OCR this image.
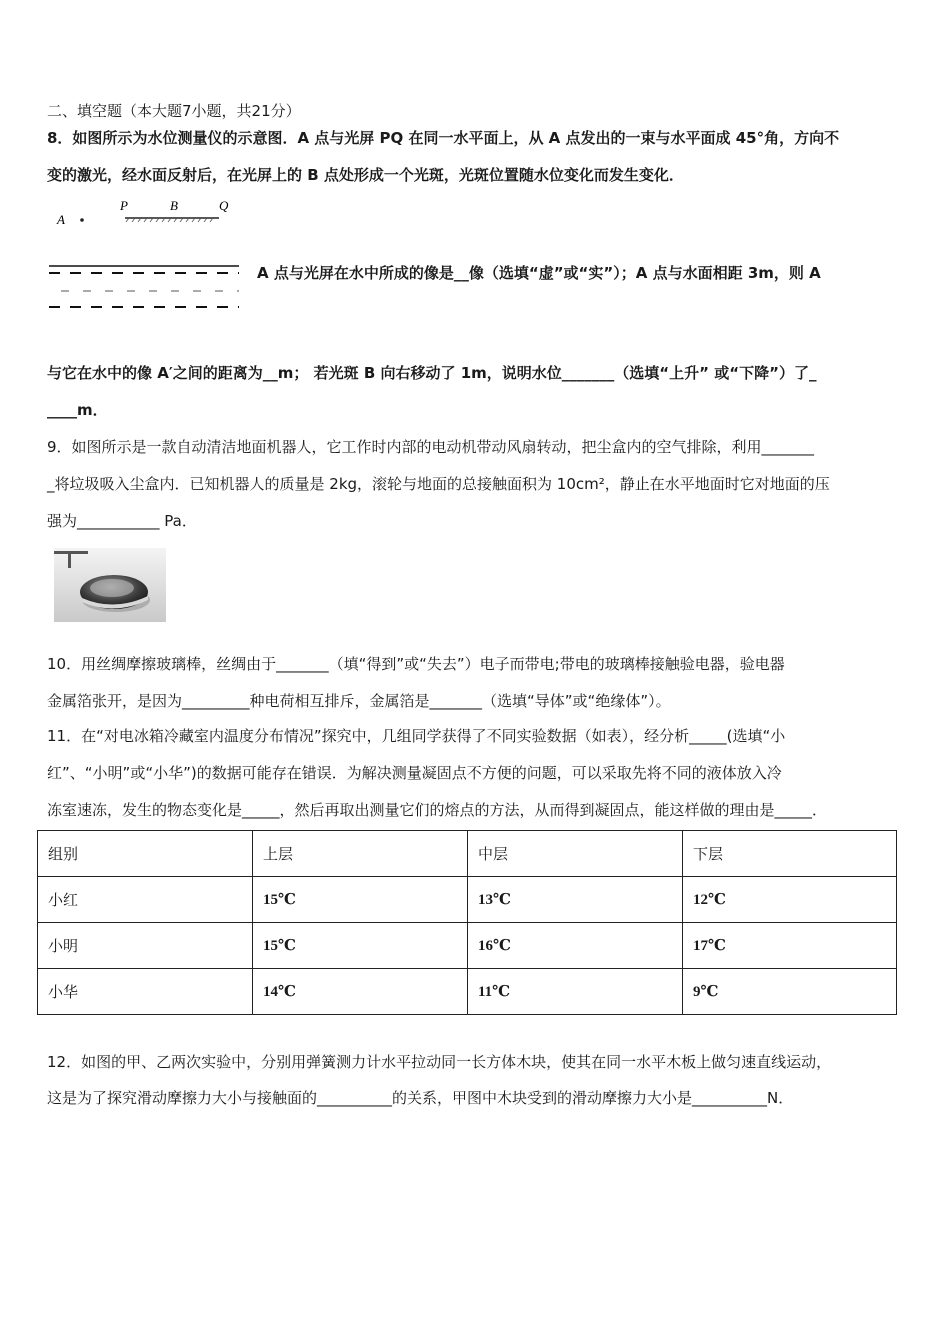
二、填空题（本大题7小题，共21分）
8．如图所示为水位测量仪的示意图．A 点与光屏 PQ 在同一水平面上，从 A 点发出的一束与水平面成 45°角，方向不
变的激光，经水面反射后，在光屏上的 B 点处形成一个光斑，光斑位置随水位变化而发生变化．
A
P	B	Q
A 点与光屏在水中所成的像是__像（选填“虚”或“实”）；A 点与水面相距 3m，则 A
与它在水中的像 A′之间的距离为__m； 若光斑 B 向右移动了 1m，说明水位_______（选填“上升” 或“下降”）了_
____m．
9．如图所示是一款自动清洁地面机器人，它工作时内部的电动机带动风扇转动，把尘盒内的空气排除，利用_______
_将垃圾吸入尘盒内．已知机器人的质量是 2kg，滚轮与地面的总接触面积为 10cm²，静止在水平地面时它对地面的压
强为___________ Pa．
10．用丝绸摩擦玻璃棒，丝绸由于_______（填“得到”或“失去”）电子而带电;带电的玻璃棒接触验电器，验电器
金属箔张开，是因为_________种电荷相互排斥，金属箔是_______（选填“导体”或“绝缘体”）。
11．在“对电冰箱冷藏室内温度分布情况”探究中，几组同学获得了不同实验数据（如表），经分析_____(选填“小
红”、“小明”或“小华”)的数据可能存在错误．为解决测量凝固点不方便的问题，可以采取先将不同的液体放入冷
冻室速冻，发生的物态变化是_____，然后再取出测量它们的熔点的方法，从而得到凝固点，能这样做的理由是_____．
组别	上层	中层	下层
小红	15℃	13℃	12℃
小明	15℃	16℃	17℃
小华	14℃	11℃	9℃
12．如图的甲、乙两次实验中，分别用弹簧测力计水平拉动同一长方体木块，使其在同一水平木板上做匀速直线运动，
这是为了探究滑动摩擦力大小与接触面的__________的关系，甲图中木块受到的滑动摩擦力大小是__________N．
